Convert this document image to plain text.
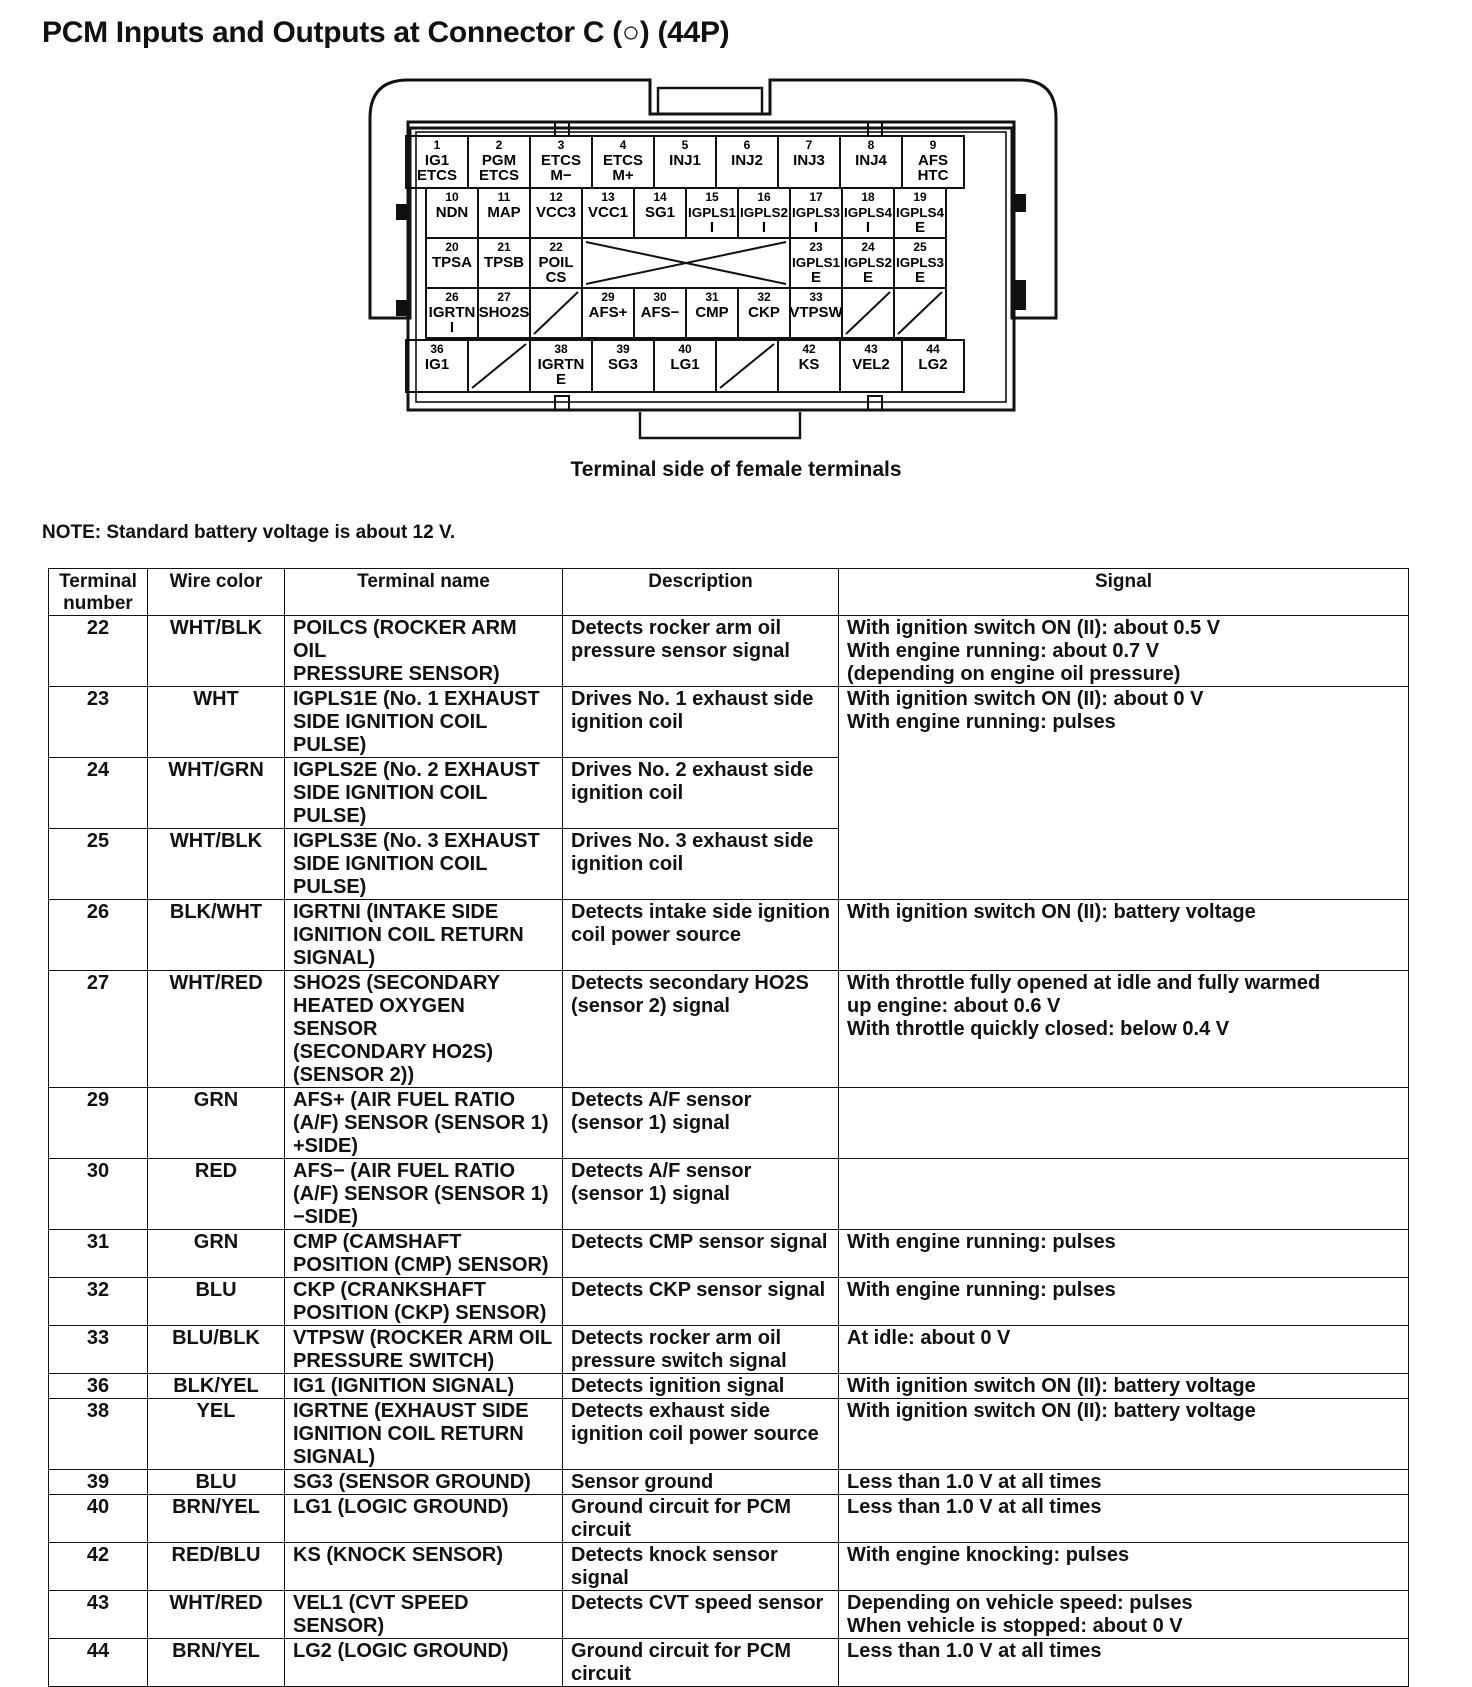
PCM Inputs and Outputs at Connector C (○) (44P)
1
IG1
ETCS
2
PGM
ETCS
3
ETCS
M−
4
ETCS
M+
5
INJ1
6
INJ2
7
INJ3
8
INJ4
9
AFS
HTC
10
NDN
11
MAP
12
VCC3
13
VCC1
14
SG1
15
IGPLS1
I
16
IGPLS2
I
17
IGPLS3
I
18
IGPLS4
I
19
IGPLS4
E
20
TPSA
21
TPSB
22
POIL
CS
23
IGPLS1
E
24
IGPLS2
E
25
IGPLS3
E
26
IGRTN
I
27
SHO2S
29
AFS+
30
AFS−
31
CMP
32
CKP
33
VTPSW
36
IG1
38
IGRTN
E
39
SG3
40
LG1
42
KS
43
VEL2
44
LG2
Terminal side of female terminals
NOTE: Standard battery voltage is about 12 V.
Terminal
number	Wire color	Terminal name	Description	Signal
22	WHT/BLK	POILCS (ROCKER ARM OIL
PRESSURE SENSOR)	Detects rocker arm oil
pressure sensor signal	With ignition switch ON (II): about 0.5 V
With engine running: about 0.7 V
(depending on engine oil pressure)

23	WHT	IGPLS1E (No. 1 EXHAUST
SIDE IGNITION COIL
PULSE)	Drives No. 1 exhaust side
ignition coil	With ignition switch ON (II): about 0 V
With engine running: pulses

24	WHT/GRN	IGPLS2E (No. 2 EXHAUST
SIDE IGNITION COIL
PULSE)	Drives No. 2 exhaust side
ignition coil	

25	WHT/BLK	IGPLS3E (No. 3 EXHAUST
SIDE IGNITION COIL
PULSE)	Drives No. 3 exhaust side
ignition coil	

26	BLK/WHT	IGRTNI (INTAKE SIDE
IGNITION COIL RETURN
SIGNAL)	Detects intake side ignition
coil power source	With ignition switch ON (II): battery voltage

27	WHT/RED	SHO2S (SECONDARY
HEATED OXYGEN SENSOR
(SECONDARY HO2S)
(SENSOR 2))	Detects secondary HO2S
(sensor 2) signal	With throttle fully opened at idle and fully warmed
up engine: about 0.6 V
With throttle quickly closed: below 0.4 V

29	GRN	AFS+ (AIR FUEL RATIO
(A/F) SENSOR (SENSOR 1)
+SIDE)	Detects A/F sensor
(sensor 1) signal	

30	RED	AFS− (AIR FUEL RATIO
(A/F) SENSOR (SENSOR 1)
−SIDE)	Detects A/F sensor
(sensor 1) signal	

31	GRN	CMP (CAMSHAFT
POSITION (CMP) SENSOR)	Detects CMP sensor signal	With engine running: pulses

32	BLU	CKP (CRANKSHAFT
POSITION (CKP) SENSOR)	Detects CKP sensor signal	With engine running: pulses

33	BLU/BLK	VTPSW (ROCKER ARM OIL
PRESSURE SWITCH)	Detects rocker arm oil
pressure switch signal	At idle: about 0 V

36	BLK/YEL	IG1 (IGNITION SIGNAL)	Detects ignition signal	With ignition switch ON (II): battery voltage

38	YEL	IGRTNE (EXHAUST SIDE
IGNITION COIL RETURN
SIGNAL)	Detects exhaust side
ignition coil power source	With ignition switch ON (II): battery voltage

39	BLU	SG3 (SENSOR GROUND)	Sensor ground	Less than 1.0 V at all times

40	BRN/YEL	LG1 (LOGIC GROUND)	Ground circuit for PCM
circuit	Less than 1.0 V at all times

42	RED/BLU	KS (KNOCK SENSOR)	Detects knock sensor signal	With engine knocking: pulses

43	WHT/RED	VEL1 (CVT SPEED
SENSOR)	Detects CVT speed sensor	Depending on vehicle speed: pulses
When vehicle is stopped: about 0 V

44	BRN/YEL	LG2 (LOGIC GROUND)	Ground circuit for PCM
circuit	Less than 1.0 V at all times
